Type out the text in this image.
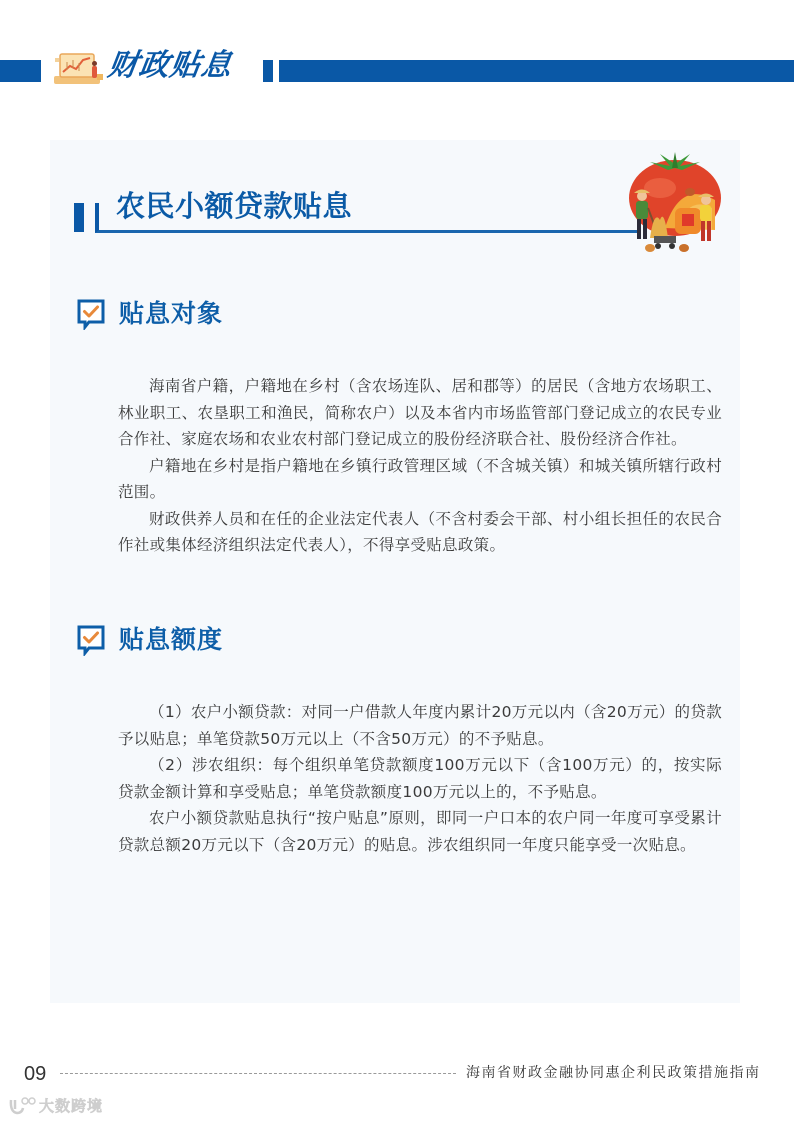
财政贴息
农民小额贷款贴息
贴息对象

海南省户籍，户籍地在乡村（含农场连队、居和郡等）的居民（含地方农场职工、林业职工、农垦职工和渔民，简称农户）以及本省内市场监管部门登记成立的农民专业合作社、家庭农场和农业农村部门登记成立的股份经济联合社、股份经济合作社。

户籍地在乡村是指户籍地在乡镇行政管理区域（不含城关镇）和城关镇所辖行政村范围。

财政供养人员和在任的企业法定代表人（不含村委会干部、村小组长担任的农民合作社或集体经济组织法定代表人），不得享受贴息政策。

贴息额度

（1）农户小额贷款：对同一户借款人年度内累计20万元以内（含20万元）的贷款予以贴息；单笔贷款50万元以上（不含50万元）的不予贴息。

（2）涉农组织：每个组织单笔贷款额度100万元以下（含100万元）的，按实际贷款金额计算和享受贴息；单笔贷款额度100万元以上的，不予贴息。

农户小额贷款贴息执行“按户贴息”原则，即同一户口本的农户同一年度可享受累计贷款总额20万元以下（含20万元）的贴息。涉农组织同一年度只能享受一次贴息。

09	海南省财政金融协同惠企利民政策措施指南
大数跨境
